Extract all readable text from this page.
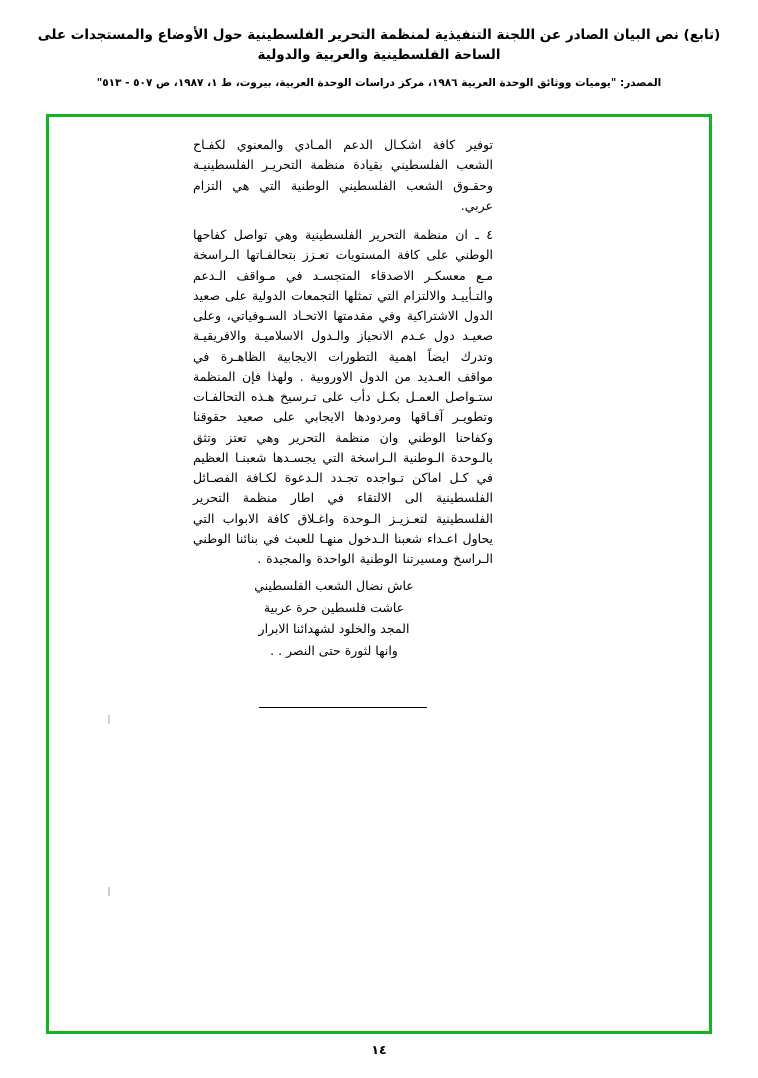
(تابع) نص البيان الصادر عن اللجنة التنفيذية لمنظمة التحرير الفلسطينية حول الأوضاع والمستجدات على الساحة الفلسطينية والعربية والدولية
المصدر: "يوميات ووثائق الوحدة العربية ١٩٨٦، مركز دراسات الوحدة العربية، بيروت، ط ١، ١٩٨٧، ص ٥٠٧ - ٥١٣"

توفير كافة اشكـال الدعم المـادي والمعنوي لكفـاح الشعب الفلسطيني بقيادة منظمة التحريـر الفلسطينيـة وحقـوق الشعب الفلسطيني الوطنية التي هي التزام عربي.

٤ ـ ان منظمة التحرير الفلسطينية وهي تواصل كفاحها الوطني على كافة المستويات تعـزز بتحالفـاتها الـراسخة مـع معسكـر الاصدقاء المتجسـد في مـواقف الـدعم والتـأييـد والالتزام التي تمثلها التجمعات الدولية على صعيد الدول الاشتراكية وفي مقدمتها الاتحـاد السـوفياتي، وعلى صعيـد دول عـدم الانحياز والـدول الاسلاميـة والافريقيـة وتدرك ايضاً اهمية التطورات الايجابية الظاهـرة في مواقف العـديد من الدول الاوروبية . ولهذا فإن المنظمة ستـواصل العمـل بكـل دأب على تـرسيخ هـذه التحالفـات وتطويـر آفـاقها ومردودها الايجابي على صعيد حقوقنا وكفاحنا الوطني وان منظمة التحرير وهي تعتز وتثق بالـوحدة الـوطنية الـراسخة التي يجسـدها شعبنـا العظيم في كـل اماكن تـواجده تجـدد الـدعوة لكـافة الفصـائل الفلسطينية الى الالتقاء في اطار منظمة التحرير الفلسطينية لتعـزيـز الـوحدة واغـلاق كافة الابواب التي يحاول اعـداء شعبنا الـدخول منهـا للعبث في بنائنا الوطني الـراسخ ومسيرتنا الوطنية الواحدة والمجيدة .

عاش نضال الشعب الفلسطيني
عاشت فلسطين حرة عربية
المجد والخلود لشهدائنا الابرار
وانها لثورة حتى النصر . .
١٤
